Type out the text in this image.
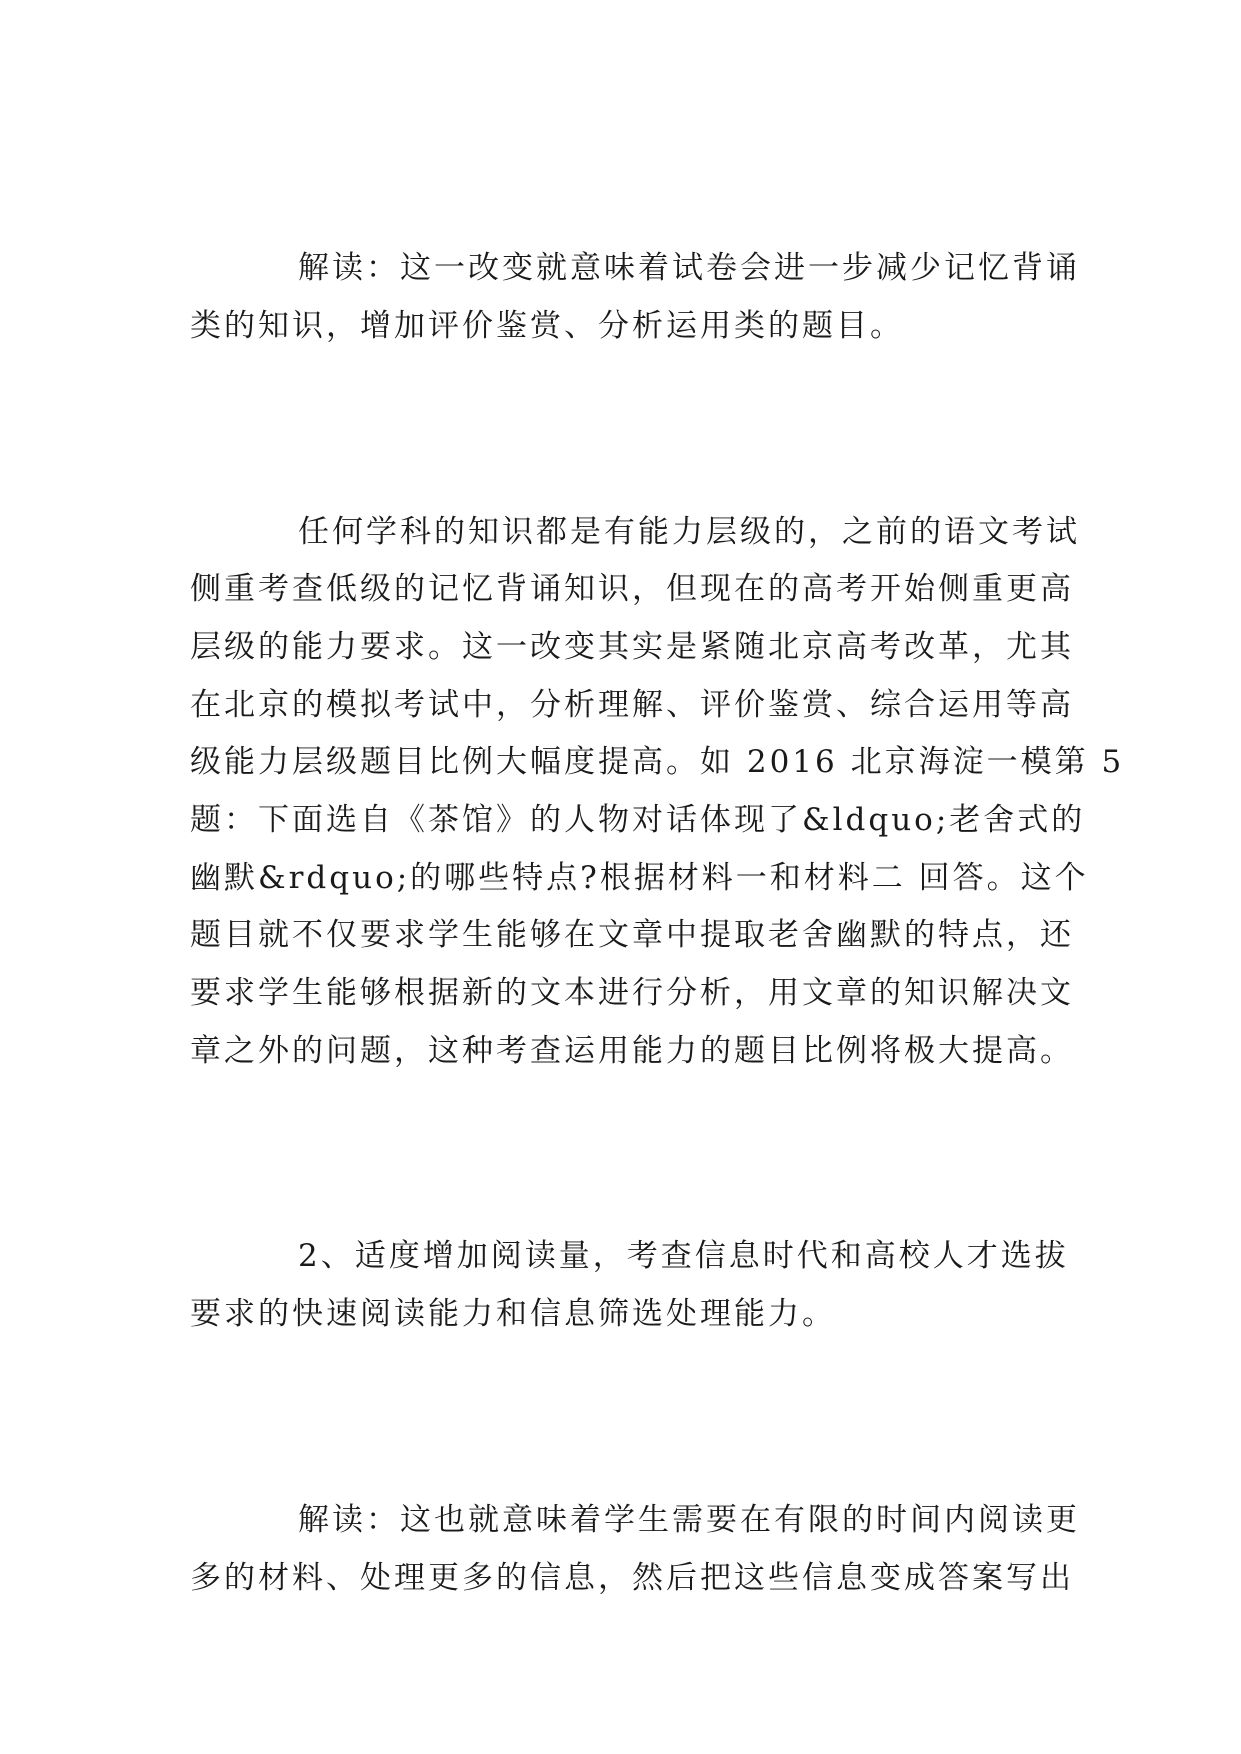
解读：这一改变就意味着试卷会进一步减少记忆背诵
类的知识，增加评价鉴赏、分析运用类的题目。
任何学科的知识都是有能力层级的，之前的语文考试
侧重考查低级的记忆背诵知识，但现在的高考开始侧重更高
层级的能力要求。这一改变其实是紧随北京高考改革，尤其
在北京的模拟考试中，分析理解、评价鉴赏、综合运用等高
级能力层级题目比例大幅度提高。如 2016 北京海淀一模第 5
题：下面选自《茶馆》的人物对话体现了&ldquo;老舍式的
幽默&rdquo;的哪些特点?根据材料一和材料二 回答。这个
题目就不仅要求学生能够在文章中提取老舍幽默的特点，还
要求学生能够根据新的文本进行分析，用文章的知识解决文
章之外的问题，这种考查运用能力的题目比例将极大提高。
2、适度增加阅读量，考查信息时代和高校人才选拔
要求的快速阅读能力和信息筛选处理能力。
解读：这也就意味着学生需要在有限的时间内阅读更
多的材料、处理更多的信息，然后把这些信息变成答案写出
